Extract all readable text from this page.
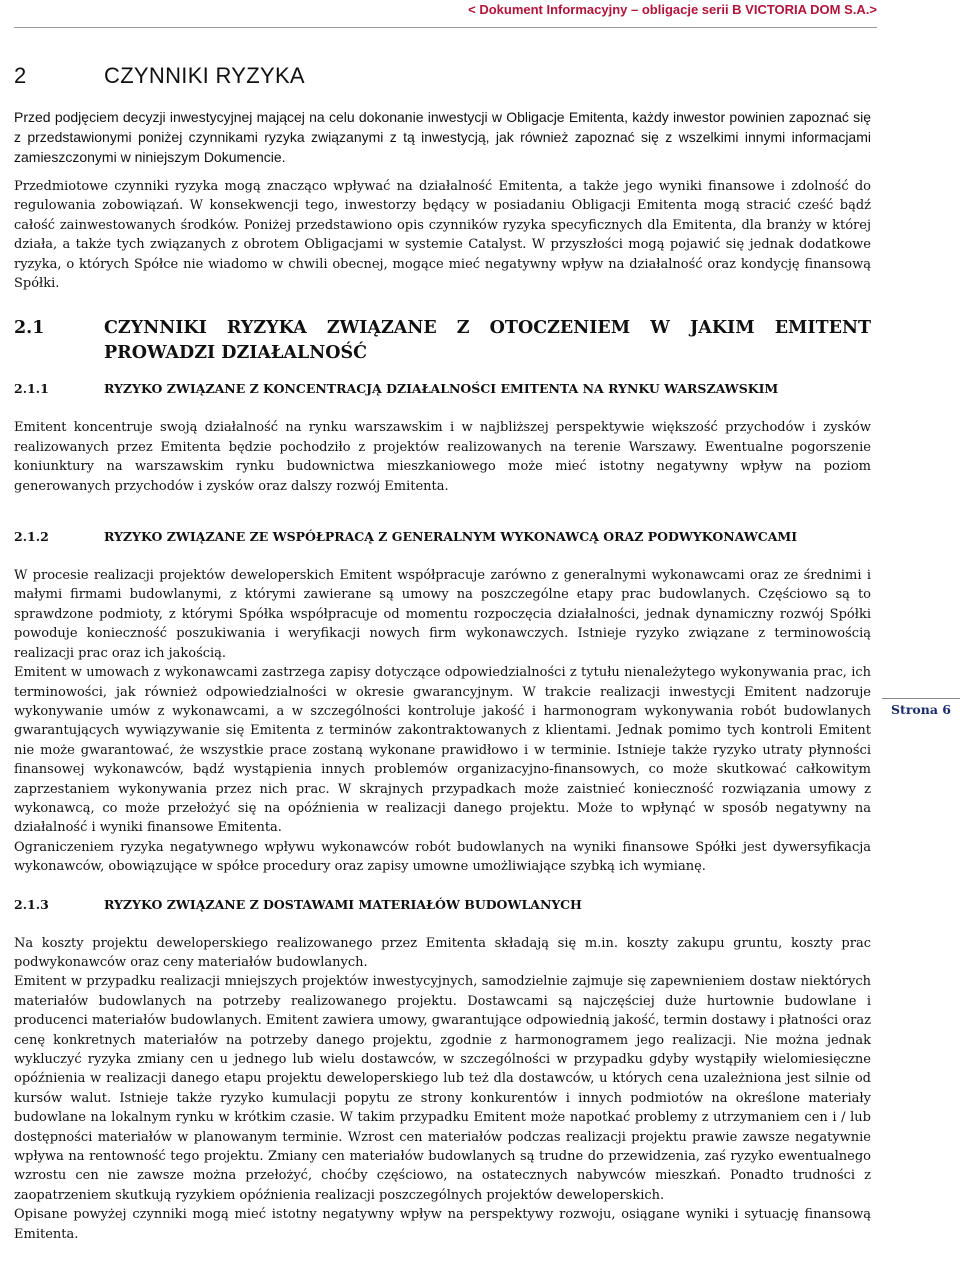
< Dokument Informacyjny – obligacje serii B VICTORIA DOM S.A.>
2	CZYNNIKI RYZYKA

Przed podjęciem decyzji inwestycyjnej mającej na celu dokonanie inwestycji w Obligacje Emitenta, każdy inwestor powinien zapoznać się z przedstawionymi poniżej czynnikami ryzyka związanymi z tą inwestycją, jak również zapoznać się z wszelkimi innymi informacjami zamieszczonymi w niniejszym Dokumencie.

Przedmiotowe czynniki ryzyka mogą znacząco wpływać na działalność Emitenta, a także jego wyniki finansowe i zdolność do regulowania zobowiązań. W konsekwencji tego, inwestorzy będący w posiadaniu Obligacji Emitenta mogą stracić cześć bądź całość zainwestowanych środków. Poniżej przedstawiono opis czynników ryzyka specyficznych dla Emitenta, dla branży w której działa, a także tych związanych z obrotem Obligacjami w systemie Catalyst. W przyszłości mogą pojawić się jednak dodatkowe ryzyka, o których Spółce nie wiadomo w chwili obecnej, mogące mieć negatywny wpływ na działalność oraz kondycję finansową Spółki.

2.1	CZYNNIKI RYZYKA ZWIĄZANE Z OTOCZENIEM W JAKIM EMITENT PROWADZI DZIAŁALNOŚĆ
2.1.1	RYZYKO ZWIĄZANE Z KONCENTRACJĄ DZIAŁALNOŚCI EMITENTA NA RYNKU WARSZAWSKIM

Emitent koncentruje swoją działalność na rynku warszawskim i w najbliższej perspektywie większość przychodów i zysków realizowanych przez Emitenta będzie pochodziło z projektów realizowanych na terenie Warszawy. Ewentualne pogorszenie koniunktury na warszawskim rynku budownictwa mieszkaniowego może mieć istotny negatywny wpływ na poziom generowanych przychodów i zysków oraz dalszy rozwój Emitenta.

2.1.2	RYZYKO ZWIĄZANE ZE WSPÓŁPRACĄ Z GENERALNYM WYKONAWCĄ ORAZ PODWYKONAWCAMI

W procesie realizacji projektów deweloperskich Emitent współpracuje zarówno z generalnymi wykonawcami oraz ze średnimi i małymi firmami budowlanymi, z którymi zawierane są umowy na poszczególne etapy prac budowlanych. Częściowo są to sprawdzone podmioty, z którymi Spółka współpracuje od momentu rozpoczęcia działalności, jednak dynamiczny rozwój Spółki powoduje konieczność poszukiwania i weryfikacji nowych firm wykonawczych. Istnieje ryzyko związane z terminowością realizacji prac oraz ich jakością.

Emitent w umowach z wykonawcami zastrzega zapisy dotyczące odpowiedzialności z tytułu nienależytego wykonywania prac, ich terminowości, jak również odpowiedzialności w okresie gwarancyjnym. W trakcie realizacji inwestycji Emitent nadzoruje wykonywanie umów z wykonawcami, a w szczególności kontroluje jakość i harmonogram wykonywania robót budowlanych gwarantujących wywiązywanie się Emitenta z terminów zakontraktowanych z klientami. Jednak pomimo tych kontroli Emitent nie może gwarantować, że wszystkie prace zostaną wykonane prawidłowo i w terminie. Istnieje także ryzyko utraty płynności finansowej wykonawców, bądź wystąpienia innych problemów organizacyjno-finansowych, co może skutkować całkowitym zaprzestaniem wykonywania przez nich prac. W skrajnych przypadkach może zaistnieć konieczność rozwiązania umowy z wykonawcą, co może przełożyć się na opóźnienia w realizacji danego projektu. Może to wpłynąć w sposób negatywny na działalność i wyniki finansowe Emitenta.

Ograniczeniem ryzyka negatywnego wpływu wykonawców robót budowlanych na wyniki finansowe Spółki jest dywersyfikacja wykonawców, obowiązujące w spółce procedury oraz zapisy umowne umożliwiające szybką ich wymianę.

2.1.3	RYZYKO ZWIĄZANE Z DOSTAWAMI MATERIAŁÓW BUDOWLANYCH

Na koszty projektu deweloperskiego realizowanego przez Emitenta składają się m.in. koszty zakupu gruntu, koszty prac podwykonawców oraz ceny materiałów budowlanych.

Emitent w przypadku realizacji mniejszych projektów inwestycyjnych, samodzielnie zajmuje się zapewnieniem dostaw niektórych materiałów budowlanych na potrzeby realizowanego projektu. Dostawcami są najczęściej duże hurtownie budowlane i producenci materiałów budowlanych. Emitent zawiera umowy, gwarantujące odpowiednią jakość, termin dostawy i płatności oraz cenę konkretnych materiałów na potrzeby danego projektu, zgodnie z harmonogramem jego realizacji. Nie można jednak wykluczyć ryzyka zmiany cen u jednego lub wielu dostawców, w szczególności w przypadku gdyby wystąpiły wielomiesięczne opóźnienia w realizacji danego etapu projektu deweloperskiego lub też dla dostawców, u których cena uzależniona jest silnie od kursów walut. Istnieje także ryzyko kumulacji popytu ze strony konkurentów i innych podmiotów na określone materiały budowlane na lokalnym rynku w krótkim czasie. W takim przypadku Emitent może napotkać problemy z utrzymaniem cen i / lub dostępności materiałów w planowanym terminie. Wzrost cen materiałów podczas realizacji projektu prawie zawsze negatywnie wpływa na rentowność tego projektu. Zmiany cen materiałów budowlanych są trudne do przewidzenia, zaś ryzyko ewentualnego wzrostu cen nie zawsze można przełożyć, choćby częściowo, na ostatecznych nabywców mieszkań. Ponadto trudności z zaopatrzeniem skutkują ryzykiem opóźnienia realizacji poszczególnych projektów deweloperskich.

Opisane powyżej czynniki mogą mieć istotny negatywny wpływ na perspektywy rozwoju, osiągane wyniki i sytuację finansową Emitenta.

Strona 6
